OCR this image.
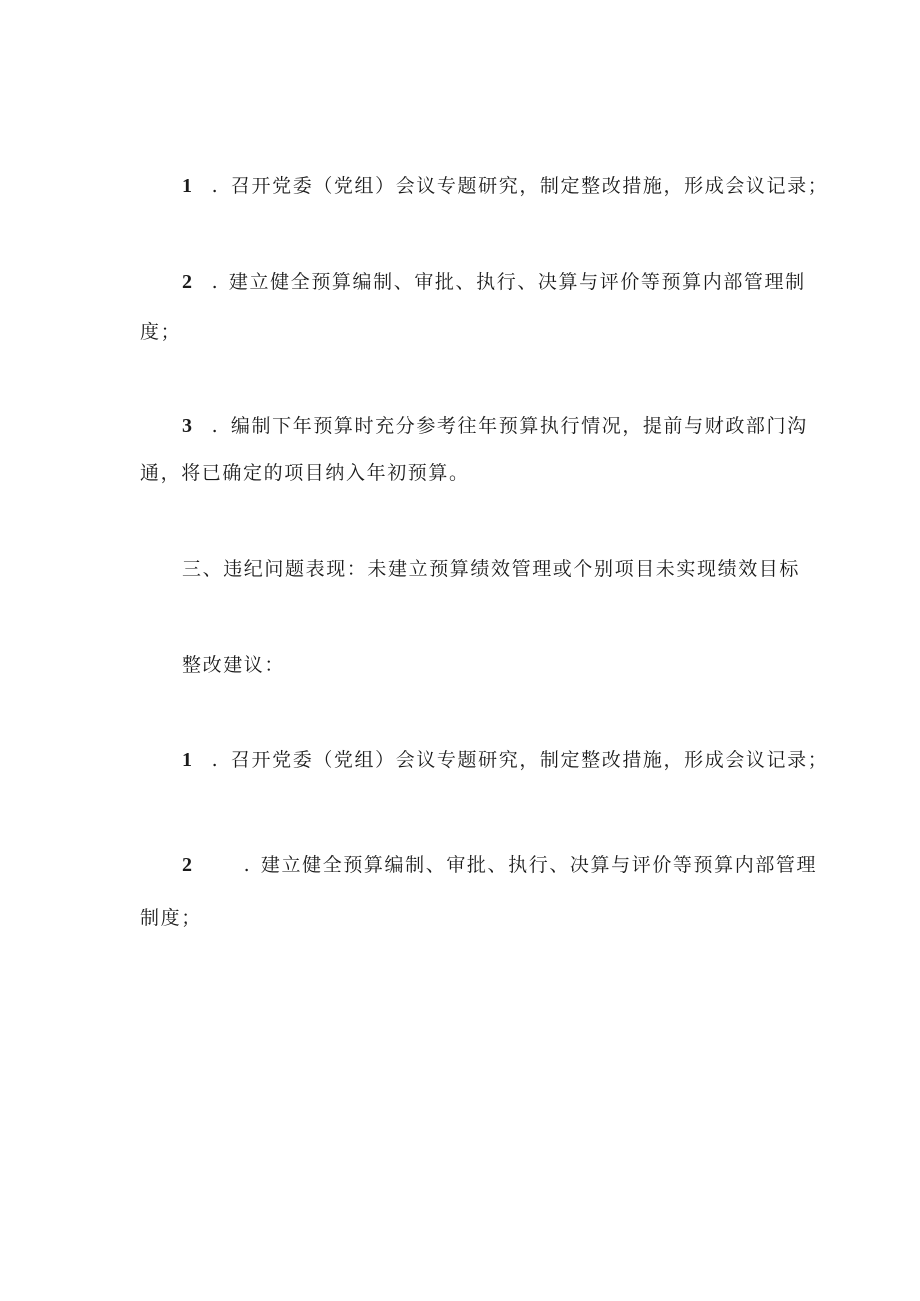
1 . 召开党委（党组）会议专题研究，制定整改措施，形成会议记录；
2 . 建立健全预算编制、审批、执行、决算与评价等预算内部管理制
度；
3 . 编制下年预算时充分参考往年预算执行情况，提前与财政部门沟
通，将已确定的项目纳入年初预算。
三、违纪问题表现：未建立预算绩效管理或个别项目未实现绩效目标
整改建议：
1 . 召开党委（党组）会议专题研究，制定整改措施，形成会议记录；
2	. 建立健全预算编制、审批、执行、决算与评价等预算内部管理
制度；
